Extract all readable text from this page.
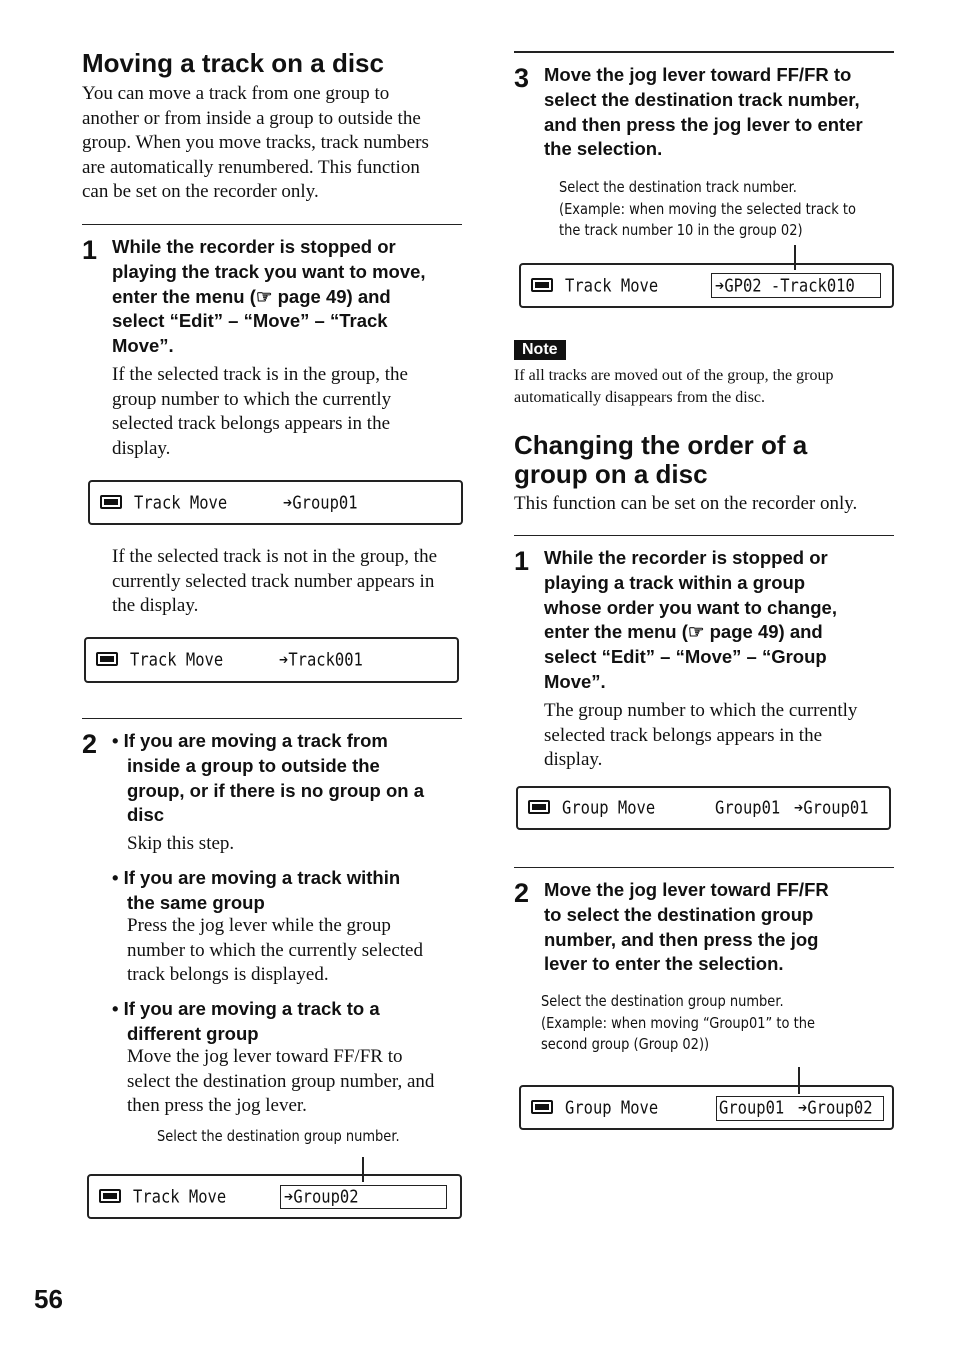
Moving a track on a disc
You can move a track from one group to
another or from inside a group to outside the
group. When you move tracks, track numbers
are automatically renumbered. This function
can be set on the recorder only.
1 While the recorder is stopped or
playing the track you want to move,
enter the menu (☞ page 49) and
select “Edit” – “Move” – “Track
Move”.
If the selected track is in the group, the
group number to which the currently
selected track belongs appears in the
display.
Track Move	➔Group01
If the selected track is not in the group, the
currently selected track number appears in
the display.
Track Move	➔Track001
2 • If you are moving a track from
inside a group to outside the
group, or if there is no group on a
disc
Skip this step.
• If you are moving a track within
the same group
Press the jog lever while the group
number to which the currently selected
track belongs is displayed.
• If you are moving a track to a
different group
Move the jog lever toward FF/FR to
select the destination group number, and
then press the jog lever.
Select the destination group number.
Track Move	➔Group02
3 Move the jog lever toward FF/FR to
select the destination track number,
and then press the jog lever to enter
the selection.
Select the destination track number.
(Example: when moving the selected track to
the track number 10 in the group 02)
Track Move	➔GP02 -Track010
Note
If all tracks are moved out of the group, the group
automatically disappears from the disc.
Changing the order of a
group on a disc
This function can be set on the recorder only.
1 While the recorder is stopped or
playing a track within a group
whose order you want to change,
enter the menu (☞ page 49) and
select “Edit” – “Move” – “Group
Move”.
The group number to which the currently
selected track belongs appears in the
display.
Group Move	Group01 ➔Group01
2 Move the jog lever toward FF/FR
to select the destination group
number, and then press the jog
lever to enter the selection.
Select the destination group number.
(Example: when moving “Group01” to the
second group (Group 02))
Group Move	Group01 ➔Group02
56
